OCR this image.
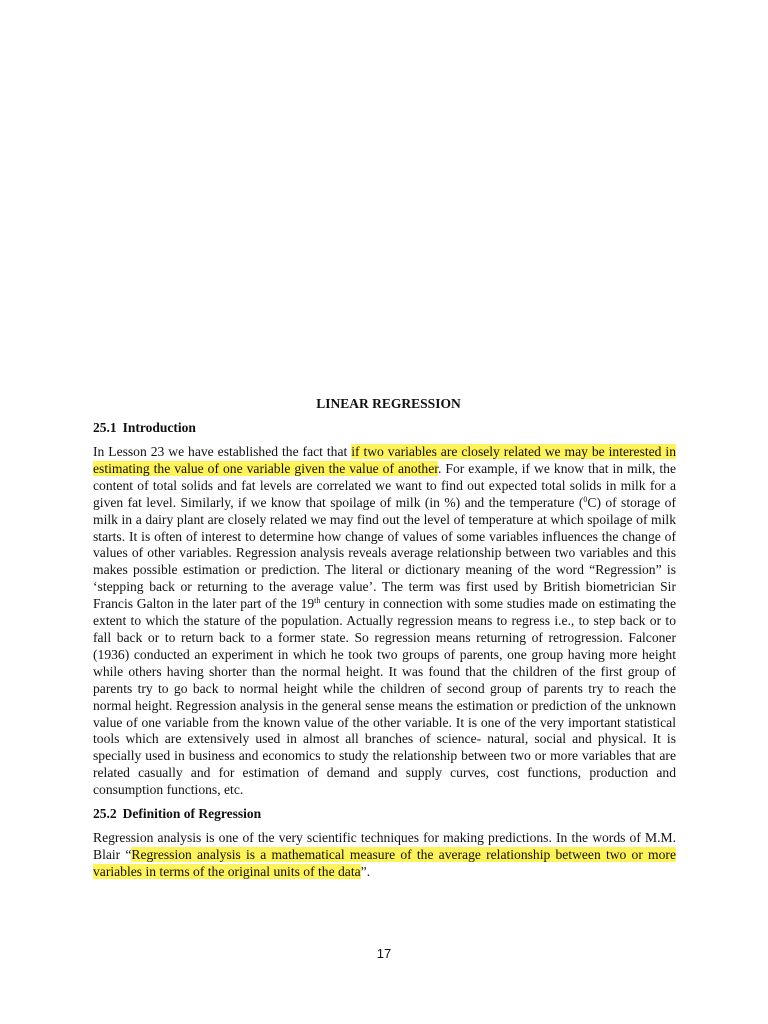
LINEAR REGRESSION
25.1 Introduction

In Lesson 23 we have established the fact that if two variables are closely related we may be interested in estimating the value of one variable given the value of another. For example, if we know that in milk, the content of total solids and fat levels are correlated we want to find out expected total solids in milk for a given fat level. Similarly, if we know that spoilage of milk (in %) and the temperature ($^0$C) of storage of milk in a dairy plant are closely related we may find out the level of temperature at which spoilage of milk starts. It is often of interest to determine how change of values of some variables influences the change of values of other variables. Regression analysis reveals average relationship between two variables and this makes possible estimation or prediction. The literal or dictionary meaning of the word “Regression” is ‘stepping back or returning to the average value’. The term was first used by British biometrician Sir Francis Galton in the later part of the 19th century in connection with some studies made on estimating the extent to which the stature of the population. Actually regression means to regress i.e., to step back or to fall back or to return back to a former state. So regression means returning of retrogression. Falconer (1936) conducted an experiment in which he took two groups of parents, one group having more height while others having shorter than the normal height. It was found that the children of the first group of parents try to go back to normal height while the children of second group of parents try to reach the normal height. Regression analysis in the general sense means the estimation or prediction of the unknown value of one variable from the known value of the other variable. It is one of the very important statistical tools which are extensively used in almost all branches of science- natural, social and physical. It is specially used in business and economics to study the relationship between two or more variables that are related casually and for estimation of demand and supply curves, cost functions, production and consumption functions, etc.

25.2 Definition of Regression

Regression analysis is one of the very scientific techniques for making predictions. In the words of M.M. Blair “Regression analysis is a mathematical measure of the average relationship between two or more variables in terms of the original units of the data”.

17
